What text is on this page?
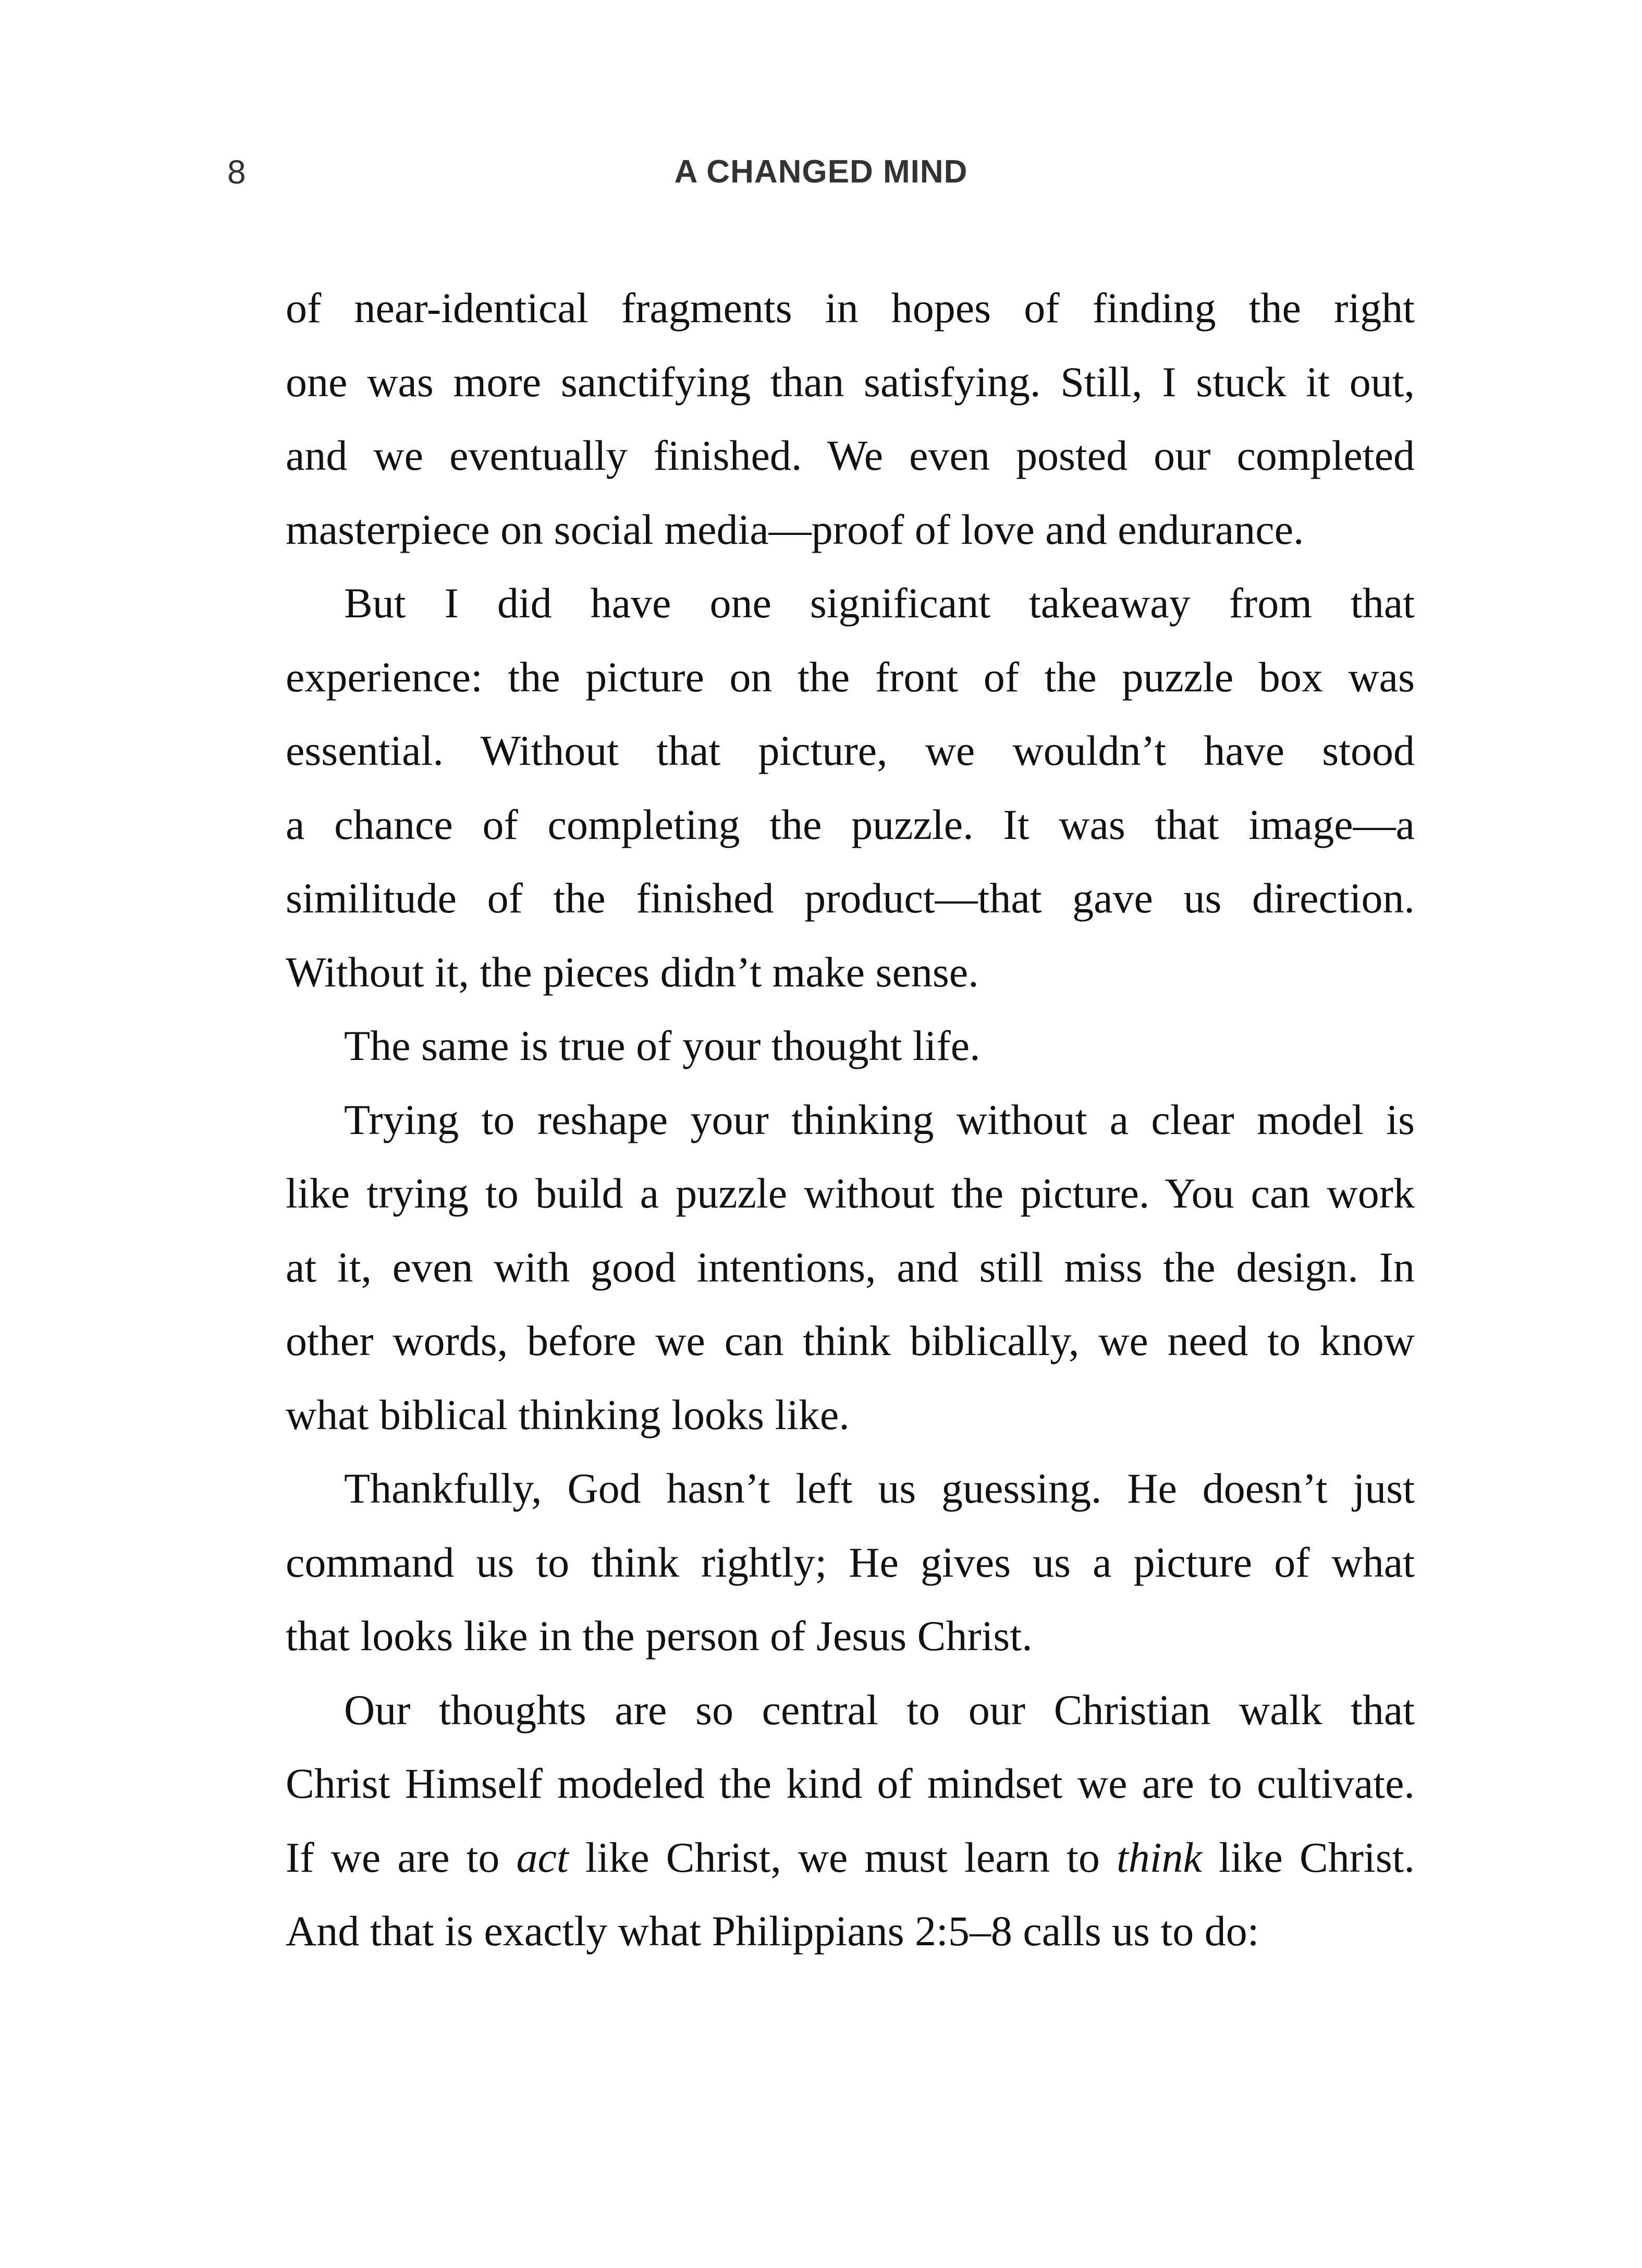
8	A CHANGED MIND

of near-identical fragments in hopes of finding the right
one was more sanctifying than satisfying. Still, I stuck it out,
and we eventually finished. We even posted our completed
masterpiece on social media—proof of love and endurance.

But I did have one significant takeaway from that
experience: the picture on the front of the puzzle box was
essential. Without that picture, we wouldn’t have stood
a chance of completing the puzzle. It was that image—a
similitude of the finished product—that gave us direction.
Without it, the pieces didn’t make sense.

The same is true of your thought life.

Trying to reshape your thinking without a clear model is
like trying to build a puzzle without the picture. You can work
at it, even with good intentions, and still miss the design. In
other words, before we can think biblically, we need to know
what biblical thinking looks like.

Thankfully, God hasn’t left us guessing. He doesn’t just
command us to think rightly; He gives us a picture of what
that looks like in the person of Jesus Christ.

Our thoughts are so central to our Christian walk that
Christ Himself modeled the kind of mindset we are to cultivate.
If we are to act like Christ, we must learn to think like Christ.
And that is exactly what Philippians 2:5–8 calls us to do:
